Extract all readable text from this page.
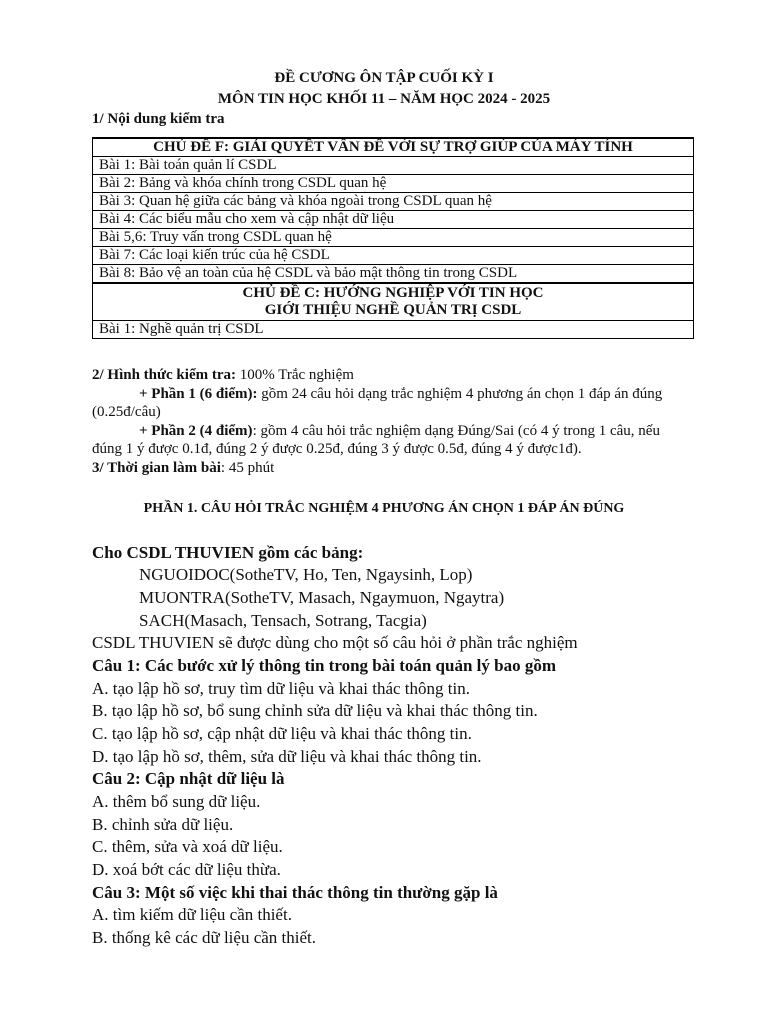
ĐỀ CƯƠNG ÔN TẬP CUỐI KỲ I
MÔN TIN HỌC KHỐI 11 – NĂM HỌC 2024 - 2025
1/ Nội dung kiểm tra
CHỦ ĐỀ F: GIẢI QUYẾT VẤN ĐỀ VỚI SỰ TRỢ GIÚP CỦA MÁY TÍNH
Bài 1: Bài toán quản lí CSDL
Bài 2: Bảng và khóa chính trong CSDL quan hệ
Bài 3: Quan hệ giữa các bảng và khóa ngoài trong CSDL quan hệ
Bài 4: Các biểu mẫu cho xem và cập nhật dữ liệu
Bài 5,6: Truy vấn trong CSDL quan hệ
Bài 7: Các loại kiến trúc của hệ CSDL
Bài 8: Bảo vệ an toàn của hệ CSDL và bảo mật thông tin trong CSDL

CHỦ ĐỀ C: HƯỚNG NGHIỆP VỚI TIN HỌC
GIỚI THIỆU NGHỀ QUẢN TRỊ CSDL

Bài 1: Nghề quản trị CSDL
2/ Hình thức kiểm tra: 100% Trắc nghiệm
+ Phần 1 (6 điểm): gồm 24 câu hỏi dạng trắc nghiệm 4 phương án chọn 1 đáp án đúng
(0.25đ/câu)
+ Phần 2 (4 điểm): gồm 4 câu hỏi trắc nghiệm dạng Đúng/Sai (có 4 ý trong 1 câu, nếu
đúng 1 ý được 0.1đ, đúng 2 ý được 0.25đ, đúng 3 ý được 0.5đ, đúng 4 ý được1đ).
3/ Thời gian làm bài: 45 phút
PHẦN 1. CÂU HỎI TRẮC NGHIỆM 4 PHƯƠNG ÁN CHỌN 1 ĐÁP ÁN ĐÚNG
Cho CSDL THUVIEN gồm các bảng:
NGUOIDOC(SotheTV, Ho, Ten, Ngaysinh, Lop)
MUONTRA(SotheTV, Masach, Ngaymuon, Ngaytra)
SACH(Masach, Tensach, Sotrang, Tacgia)
CSDL THUVIEN sẽ được dùng cho một số câu hỏi ở phần trắc nghiệm
Câu 1: Các bước xử lý thông tin trong bài toán quản lý bao gồm
A. tạo lập hồ sơ, truy tìm dữ liệu và khai thác thông tin.
B. tạo lập hồ sơ, bổ sung chỉnh sửa dữ liệu và khai thác thông tin.
C. tạo lập hồ sơ, cập nhật dữ liệu và khai thác thông tin.
D. tạo lập hồ sơ, thêm, sửa dữ liệu và khai thác thông tin.
Câu 2: Cập nhật dữ liệu là
A. thêm bổ sung dữ liệu.
B. chỉnh sửa dữ liệu.
C. thêm, sửa và xoá dữ liệu.
D. xoá bớt các dữ liệu thừa.
Câu 3: Một số việc khi thai thác thông tin thường gặp là
A. tìm kiếm dữ liệu cần thiết.
B. thống kê các dữ liệu cần thiết.
